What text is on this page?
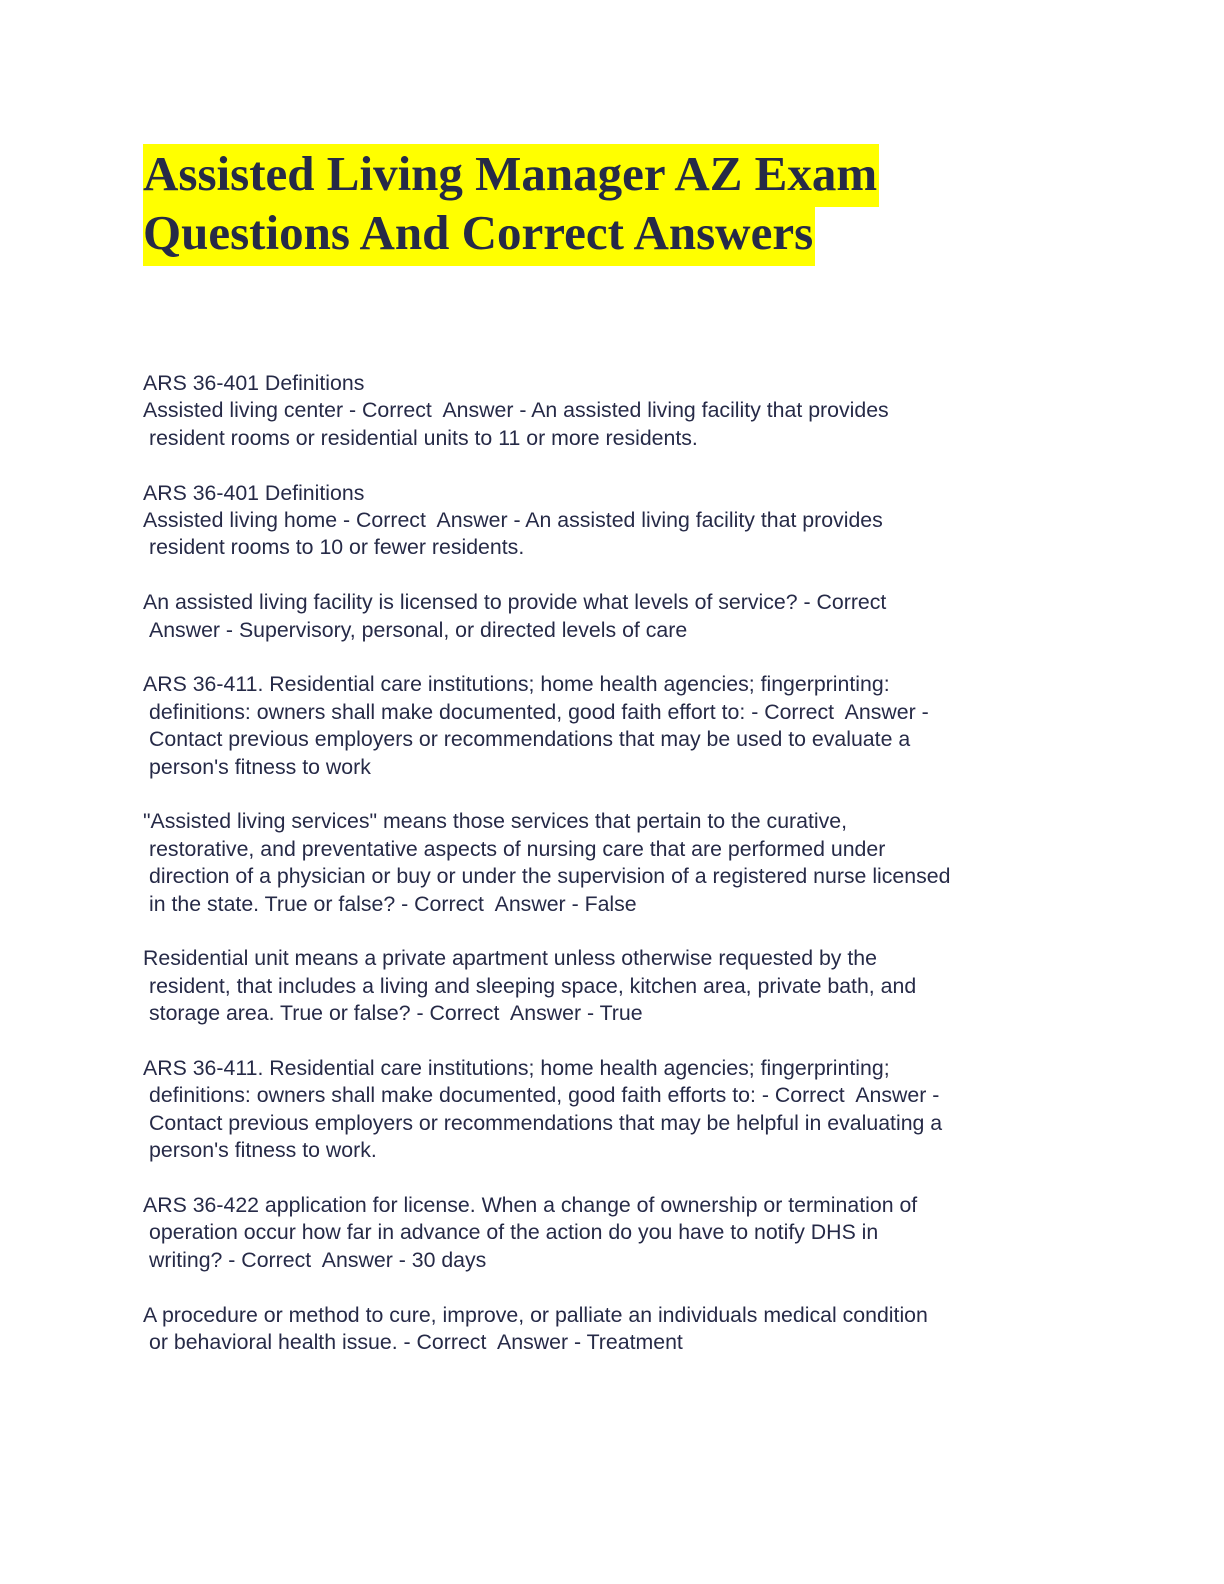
Assisted Living Manager AZ Exam
Questions And Correct Answers
ARS 36-401 Definitions
Assisted living center - Correct  Answer - An assisted living facility that provides
resident rooms or residential units to 11 or more residents.
ARS 36-401 Definitions
Assisted living home - Correct  Answer - An assisted living facility that provides
resident rooms to 10 or fewer residents.
An assisted living facility is licensed to provide what levels of service? - Correct
Answer - Supervisory, personal, or directed levels of care
ARS 36-411. Residential care institutions; home health agencies; fingerprinting:
definitions: owners shall make documented, good faith effort to: - Correct  Answer -
Contact previous employers or recommendations that may be used to evaluate a
person's fitness to work
"Assisted living services" means those services that pertain to the curative,
restorative, and preventative aspects of nursing care that are performed under
direction of a physician or buy or under the supervision of a registered nurse licensed
in the state. True or false? - Correct  Answer - False
Residential unit means a private apartment unless otherwise requested by the
resident, that includes a living and sleeping space, kitchen area, private bath, and
storage area. True or false? - Correct  Answer - True
ARS 36-411. Residential care institutions; home health agencies; fingerprinting;
definitions: owners shall make documented, good faith efforts to: - Correct  Answer -
Contact previous employers or recommendations that may be helpful in evaluating a
person's fitness to work.
ARS 36-422 application for license. When a change of ownership or termination of
operation occur how far in advance of the action do you have to notify DHS in
writing? - Correct  Answer - 30 days
A procedure or method to cure, improve, or palliate an individuals medical condition
or behavioral health issue. - Correct  Answer - Treatment
